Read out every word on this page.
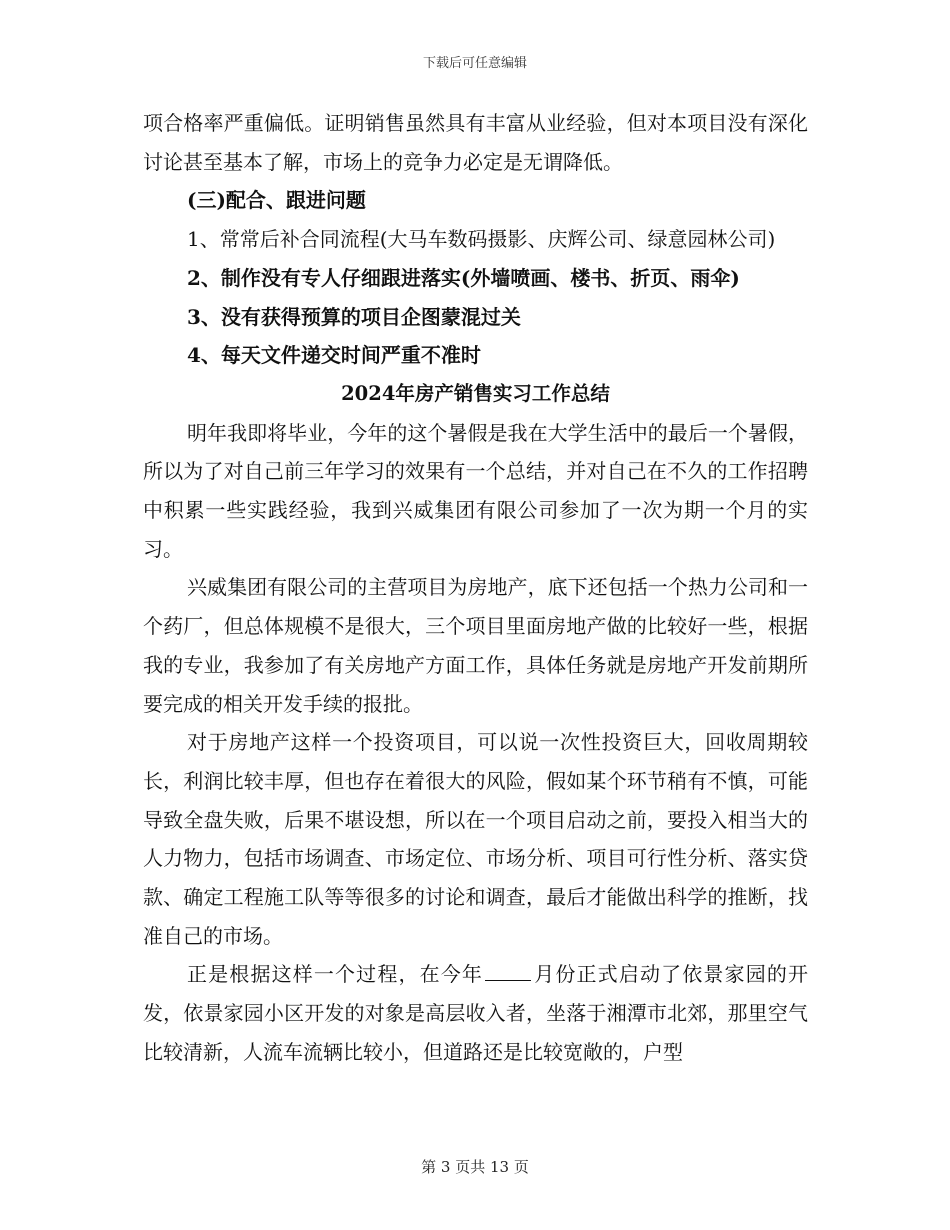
下载后可任意编辑

项合格率严重偏低。证明销售虽然具有丰富从业经验，但对本项目没有深化讨论甚至基本了解，市场上的竞争力必定是无谓降低。

(三)配合、跟进问题

1、常常后补合同流程(大马车数码摄影、庆辉公司、绿意园林公司)

2、制作没有专人仔细跟进落实(外墙喷画、楼书、折页、雨伞)

3、没有获得预算的项目企图蒙混过关

4、每天文件递交时间严重不准时

2024年房产销售实习工作总结

明年我即将毕业，今年的这个暑假是我在大学生活中的最后一个暑假，所以为了对自己前三年学习的效果有一个总结，并对自己在不久的工作招聘中积累一些实践经验，我到兴威集团有限公司参加了一次为期一个月的实习。

兴威集团有限公司的主营项目为房地产，底下还包括一个热力公司和一个药厂，但总体规模不是很大，三个项目里面房地产做的比较好一些，根据我的专业，我参加了有关房地产方面工作，具体任务就是房地产开发前期所要完成的相关开发手续的报批。

对于房地产这样一个投资项目，可以说一次性投资巨大，回收周期较长，利润比较丰厚，但也存在着很大的风险，假如某个环节稍有不慎，可能导致全盘失败，后果不堪设想，所以在一个项目启动之前，要投入相当大的人力物力，包括市场调查、市场定位、市场分析、项目可行性分析、落实贷款、确定工程施工队等等很多的讨论和调查，最后才能做出科学的推断，找准自己的市场。

正是根据这样一个过程，在今年	月份正式启动了依景家园的开发，依景家园小区开发的对象是高层收入者，坐落于湘潭市北郊，那里空气比较清新，人流车流辆比较小，但道路还是比较宽敞的，户型

第 3 页共 13 页
